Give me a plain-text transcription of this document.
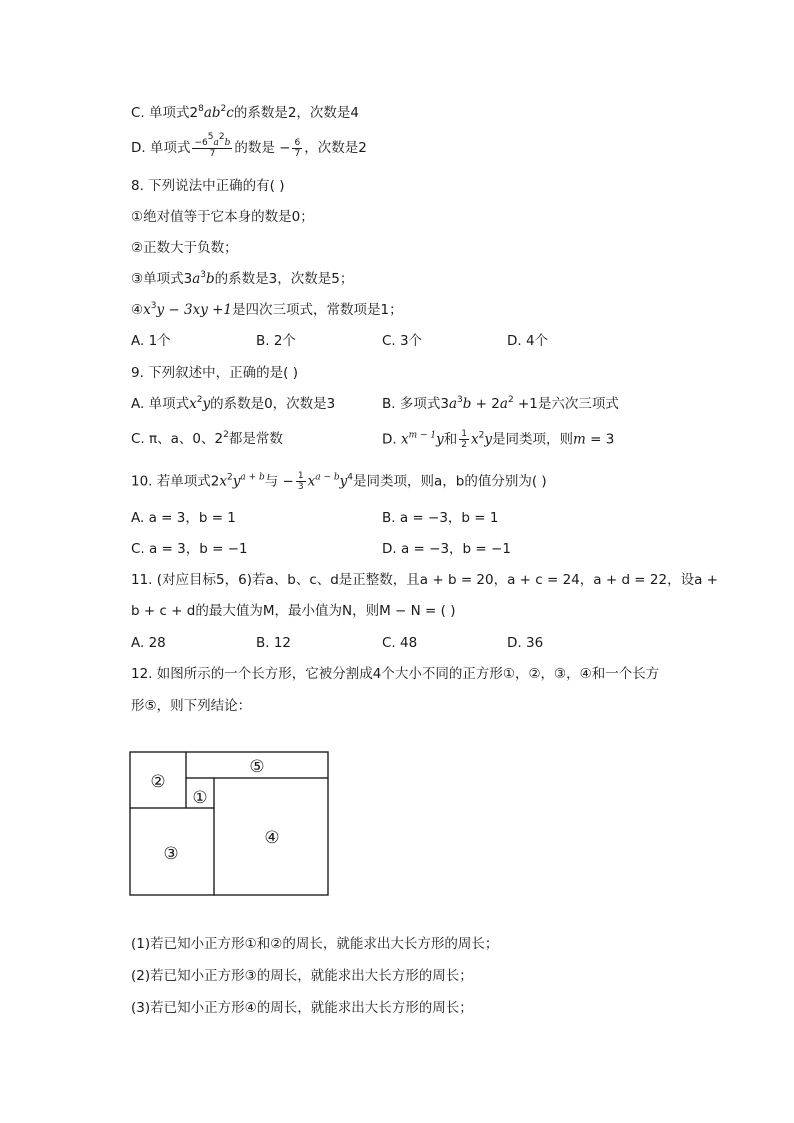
C. 单项式$2^8ab^2c$的系数是2，次数是4
D. 单项式 $\frac{-6^5a^2b}{7}$ 的数是 − $\frac{6}{7}$ ，次数是2
8. 下列说法中正确的有( )
①绝对值等于它本身的数是0；
②正数大于负数；
③单项式$3a^3b$的系数是3，次数是5；
$④x^3y - 3xy +1$是四次三项式，常数项是1；
A. 1个	B. 2个	C. 3个	D. 4个
9. 下列叙述中，正确的是( )
A. 单项式$x^2y$的系数是0，次数是3	B. 多项式$3a^3b + 2a^2 +1$是六次三项式
C. π、a、0、$2^2$都是常数	D. $x^{m - 1}y$和 $\frac{1}{2} x^2y$是同类项，则m = 3
10. 若单项式$2x^2y^{a + b}$与 − $\frac{1}{3} x^{a - b}y^4$是同类项，则a，b的值分别为( )
A. a = 3，b = 1	B. a = −3，b = 1
C. a = 3，b = −1	D. a = −3，b = −1
11. (对应目标5，6)若a、b、c、d是正整数，且a + b = 20，a + c = 24，a + d = 22，设a +
b + c + d的最大值为M，最小值为N，则M − N = ( )
A. 28	B. 12	C. 48	D. 36
12. 如图所示的一个长方形，它被分割成4个大小不同的正方形①，②，③，④和一个长方
形⑤，则下列结论：
②
⑤
①
③
④
(1)若已知小正方形①和②的周长，就能求出大长方形的周长；
(2)若已知小正方形③的周长，就能求出大长方形的周长；
(3)若已知小正方形④的周长，就能求出大长方形的周长；
